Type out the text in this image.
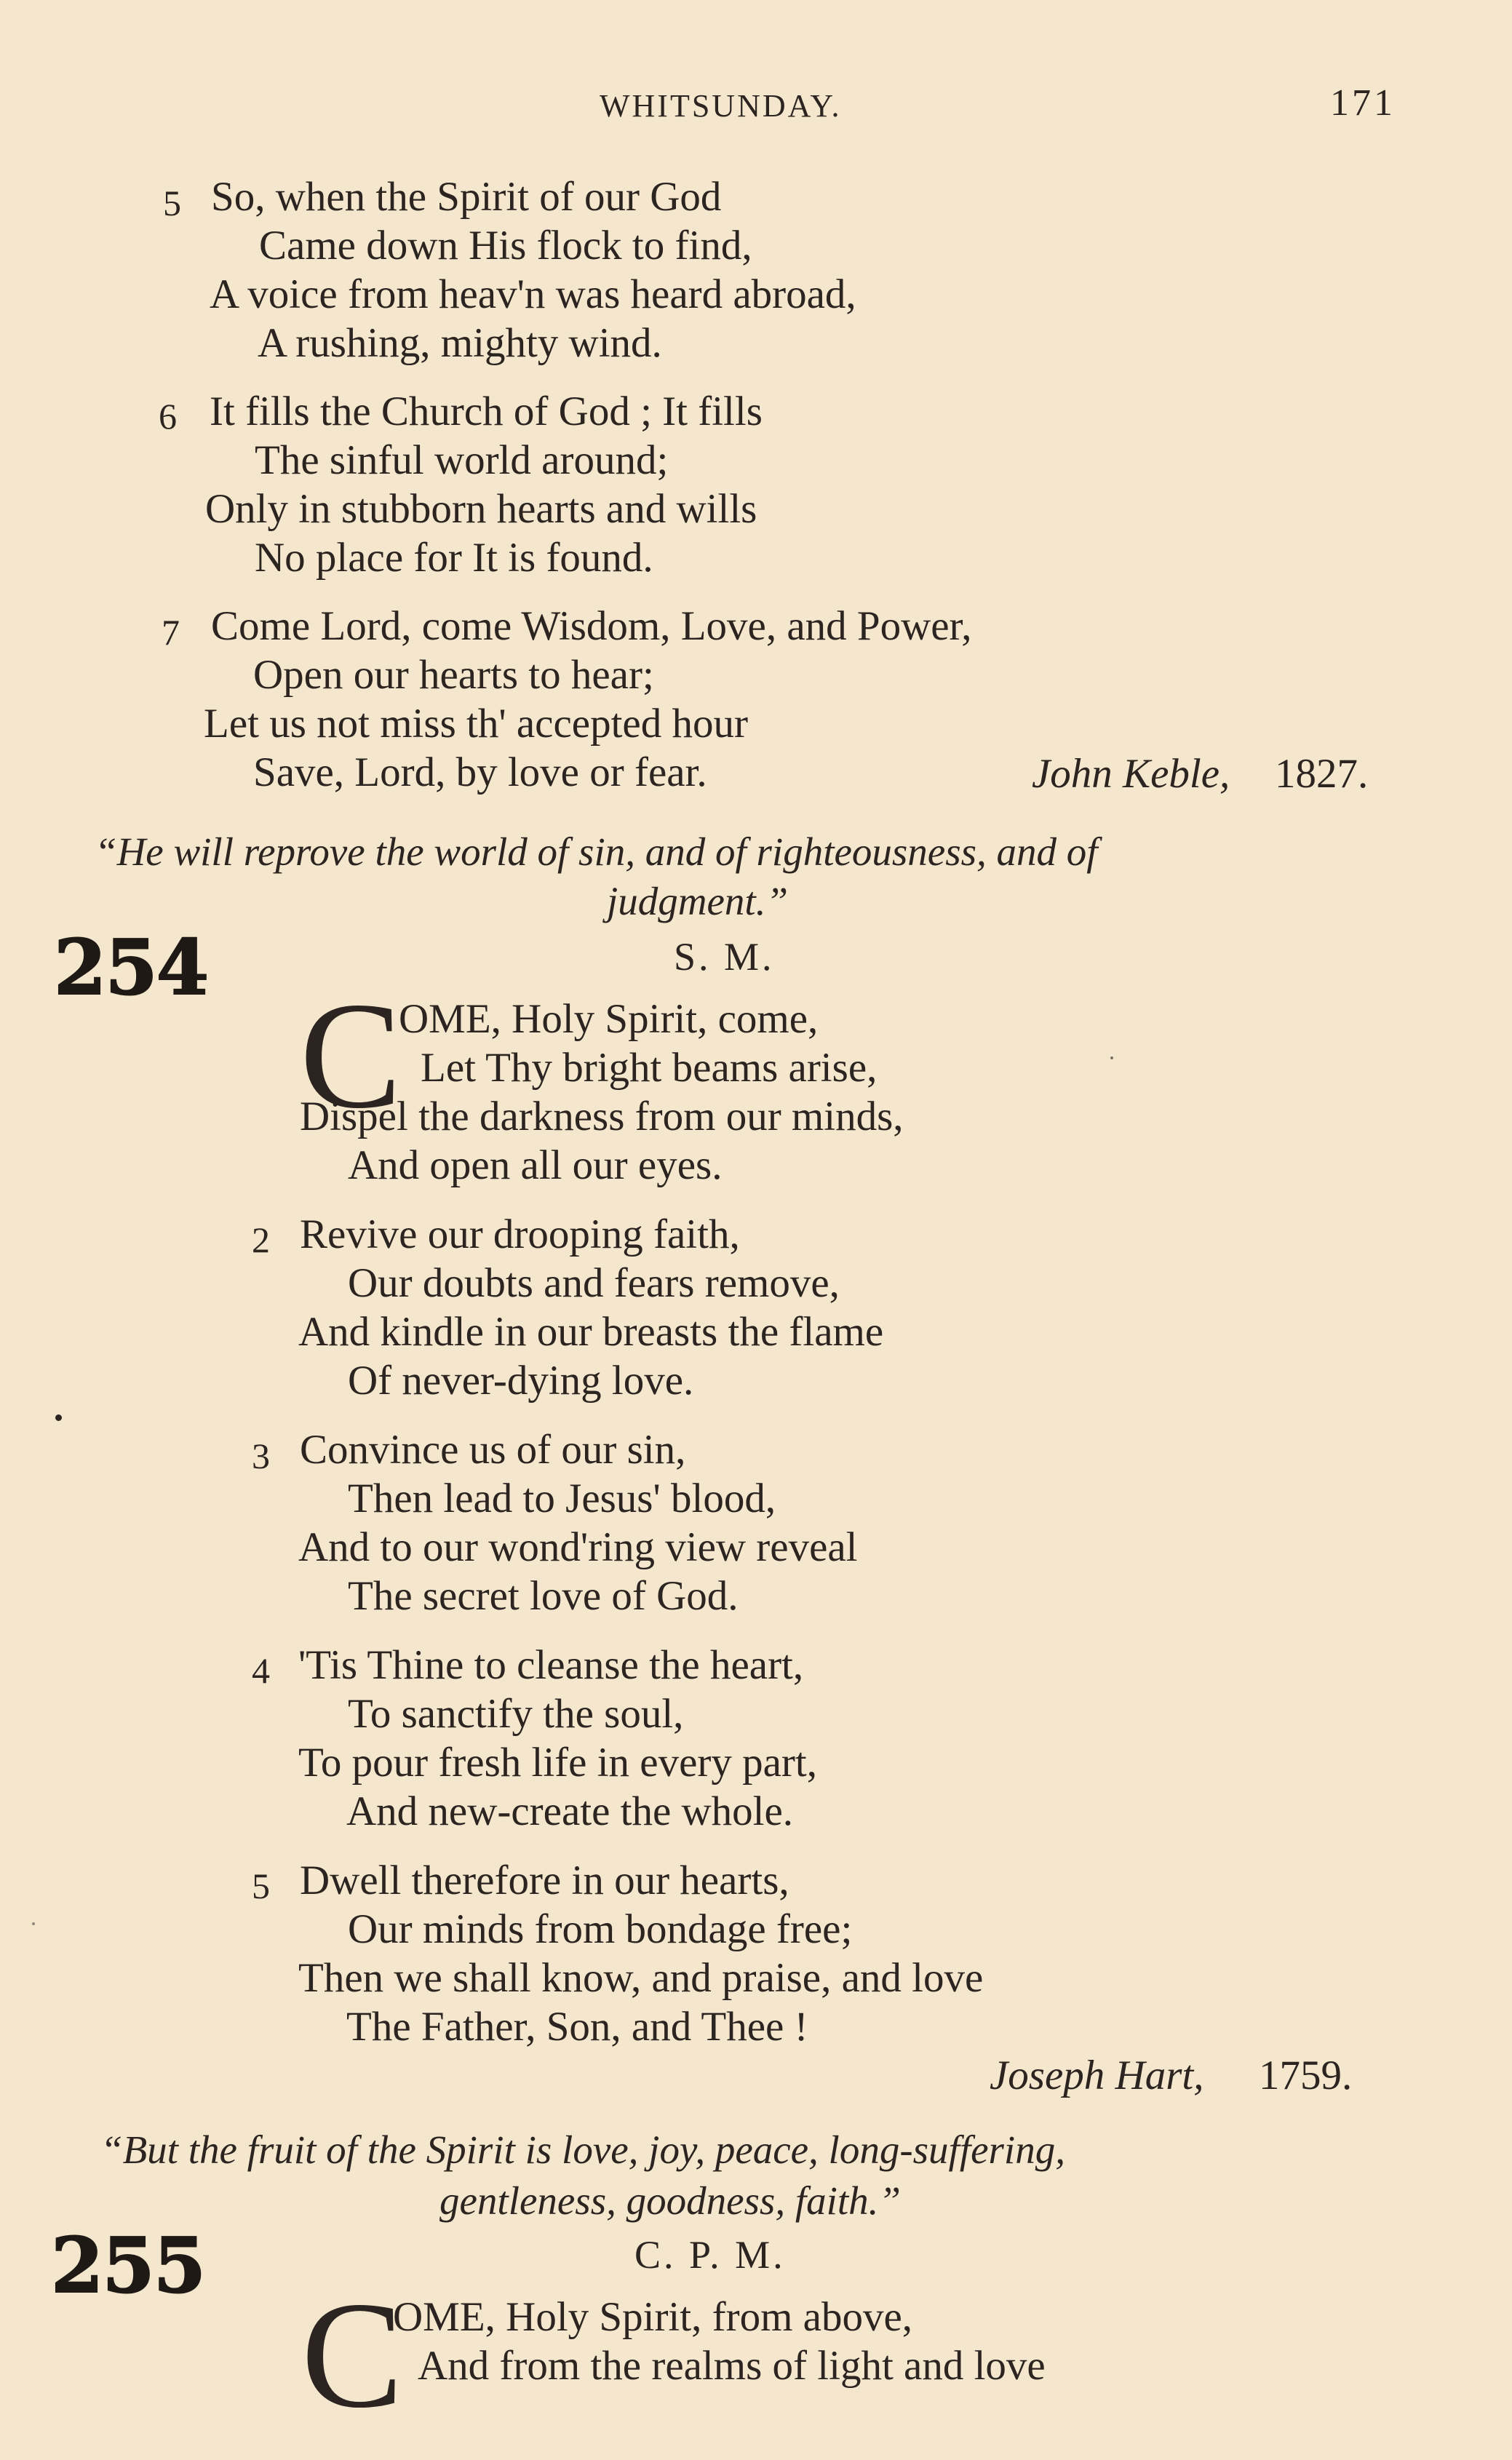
WHITSUNDAY.	171
5 So, when the Spirit of our God
Came down His flock to find,
A voice from heav'n was heard abroad,
A rushing, mighty wind.
6 It fills the Church of God ; It fills
The sinful world around;
Only in stubborn hearts and wills
No place for It is found.
7 Come Lord, come Wisdom, Love, and Power,
Open our hearts to hear;
Let us not miss th' accepted hour
Save, Lord, by love or fear.	John Keble, 1827.
“He will reprove the world of sin, and of righteousness, and of
judgment.”
254	S. M.
C
OME, Holy Spirit, come,
Let Thy bright beams arise,
Dispel the darkness from our minds,
And open all our eyes.
2 Revive our drooping faith,
Our doubts and fears remove,
And kindle in our breasts the flame
Of never-dying love.
3 Convince us of our sin,
Then lead to Jesus' blood,
And to our wond'ring view reveal
The secret love of God.
4 'Tis Thine to cleanse the heart,
To sanctify the soul,
To pour fresh life in every part,
And new-create the whole.
5 Dwell therefore in our hearts,
Our minds from bondage free;
Then we shall know, and praise, and love
The Father, Son, and Thee !
Joseph Hart, 1759.
“But the fruit of the Spirit is love, joy, peace, long-suffering,
gentleness, goodness, faith.”
255	C. P. M.
C
OME, Holy Spirit, from above,
And from the realms of light and love
